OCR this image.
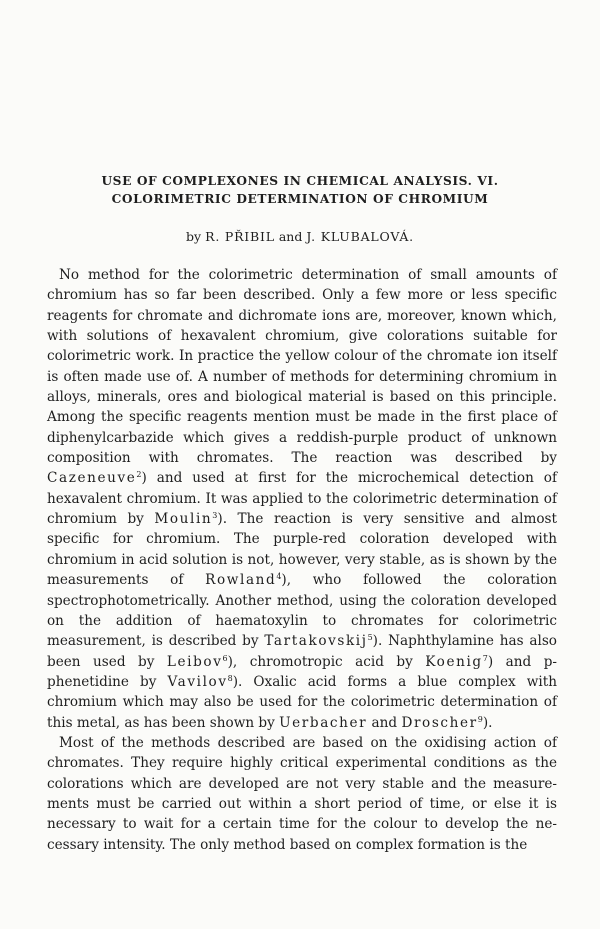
USE OF COMPLEXONES IN CHEMICAL ANALYSIS. VI.
COLORIMETRIC DETERMINATION OF CHROMIUM
by R. PŘIBIL and J. KLUBALOVÁ.

No method for the colorimetric determination of small amounts of chromium has so far been described. Only a few more or less specific reagents for chromate and dichromate ions are, moreover, known which, with solutions of hexavalent chromium, give colorations suitable for colorimetric work. In practice the yellow colour of the chromate ion itself is often made use of. A number of methods for determining chromium in alloys, minerals, ores and biological material is based on this principle. Among the specific reagents mention must be made in the first place of diphenylcarbazide which gives a reddish-purple product of unknown composition with chromates. The reaction was described by Cazeneuve$^2$) and used at first for the microchemical detection of hexavalent chromium. It was applied to the colorimetric determination of chromium by Moulin$^3$). The reaction is very sensitive and almost specific for chromium. The purple-red coloration developed with chromium in acid solution is not, however, very stable, as is shown by the measurements of Rowland$^4$), who followed the coloration spectrophotometrically. Another method, using the coloration developed on the addition of haematoxylin to chromates for colorimetric measurement, is described by Tartakovskij$^5$). Naphthylamine has also been used by Leibov$^6$), chromotropic acid by Koenig$^7$) and p-phenetidine by Vavilov$^8$). Oxalic acid forms a blue complex with chromium which may also be used for the colorimetric determination of this metal, as has been shown by Uerbacher and Droscher$^9$).

Most of the methods described are based on the oxidising action of chromates. They require highly critical experimental conditions as the colorations which are developed are not very stable and the measurements must be carried out within a short period of time, or else it is necessary to wait for a certain time for the colour to develop the necessary intensity. The only method based on complex formation is the
